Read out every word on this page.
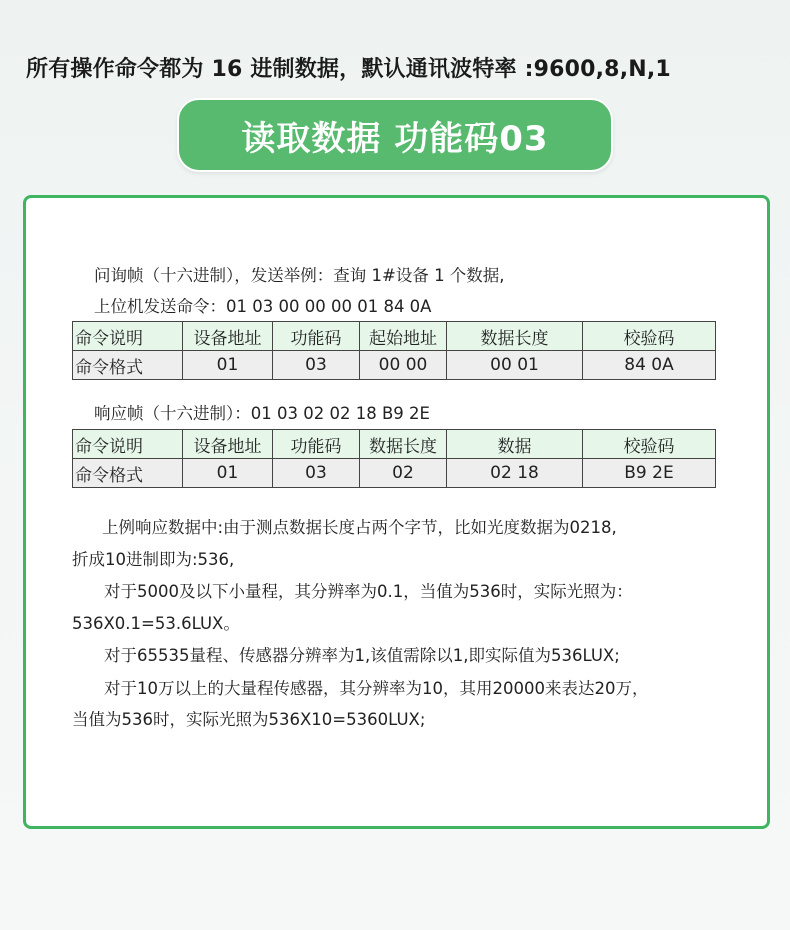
所有操作命令都为 16 进制数据，默认通讯波特率 :9600,8,N,1
读取数据 功能码03
问询帧（十六进制），发送举例：查询 1#设备 1 个数据,
上位机发送命令：01 03 00 00 00 01 84 0A
命令说明	设备地址	功能码	起始地址	数据长度	校验码
命令格式	01	03	00 00	00 01	84 0A
响应帧（十六进制）：01 03 02 02 18 B9 2E
命令说明	设备地址	功能码	数据长度	数据	校验码
命令格式	01	03	02	02 18	B9 2E
上例响应数据中:由于测点数据长度占两个字节，比如光度数据为0218,
折成10进制即为:536,
对于5000及以下小量程，其分辨率为0.1，当值为536时，实际光照为：
536X0.1=53.6LUX。
对于65535量程、传感器分辨率为1,该值需除以1,即实际值为536LUX;
对于10万以上的大量程传感器，其分辨率为10，其用20000来表达20万，
当值为536时，实际光照为536X10=5360LUX;
